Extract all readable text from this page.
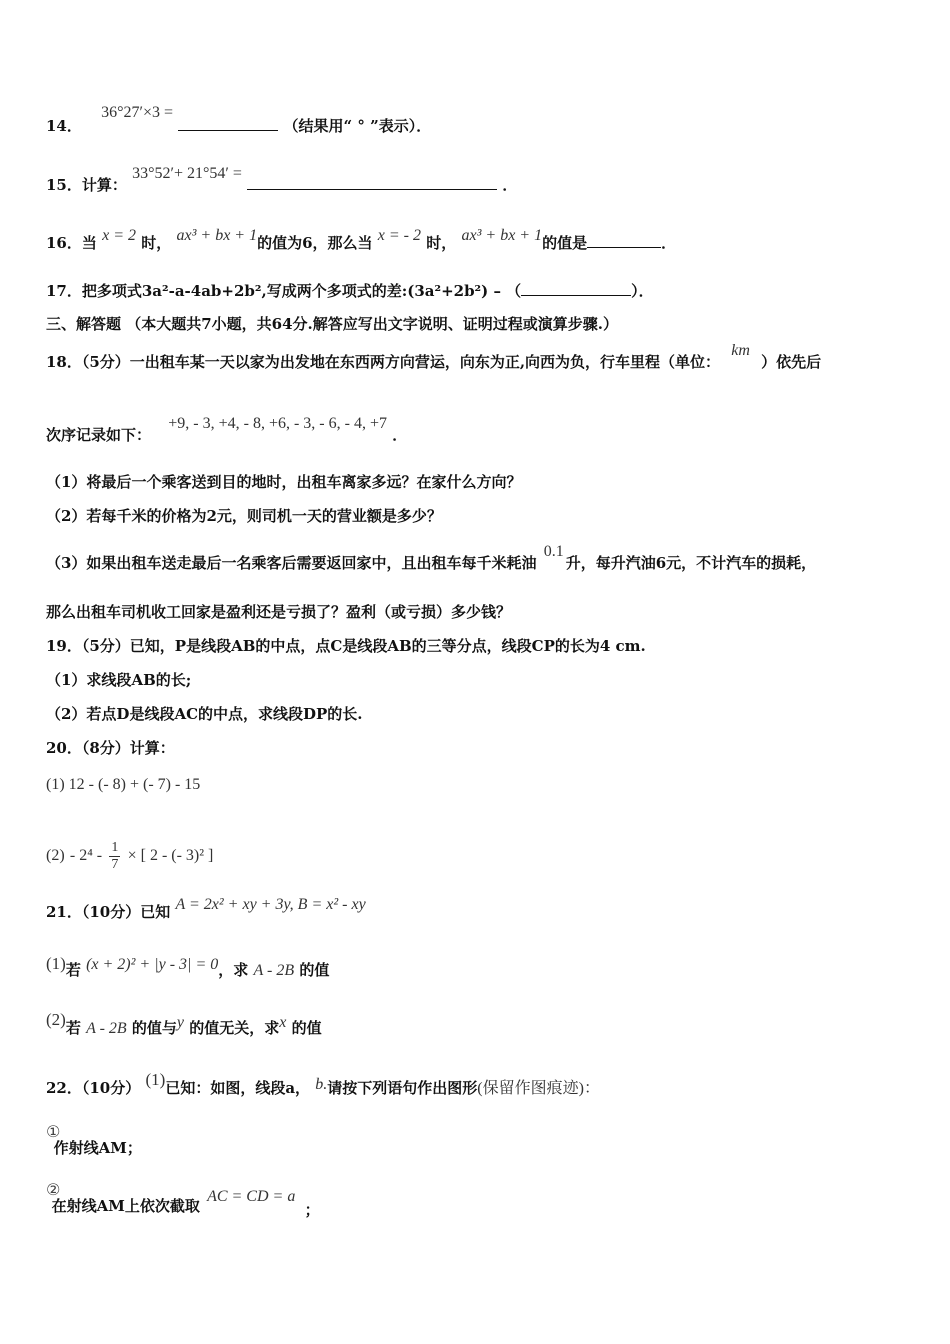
14． 36°27′×3 =  （结果用“ ° ”表示）．
15．计算： 33°52′+ 21°54′ =  ．
16．当 x = 2 时， ax³ + bx + 1的值为6，那么当 x = - 2 时， ax³ + bx + 1的值是	．
17．把多项式3a²-a-4ab+2b²,写成两个多项式的差:(3a²+2b²) – （	）．
三、解答题 （本大题共7小题，共64分.解答应写出文字说明、证明过程或演算步骤.）
18．（5分）一出租车某一天以家为出发地在东西两方向营运，向东为正,向西为负，行车里程（单位： km ）依先后
次序记录如下： +9, - 3, +4, - 8, +6, - 3, - 6, - 4, +7 ．
（1）将最后一个乘客送到目的地时，出租车离家多远？在家什么方向？
（2）若每千米的价格为2元，则司机一天的营业额是多少？
（3）如果出租车送走最后一名乘客后需要返回家中，且出租车每千米耗油 0.1升，每升汽油6元，不计汽车的损耗，
那么出租车司机收工回家是盈利还是亏损了？盈利（或亏损）多少钱？
19．（5分）已知，P是线段AB的中点，点C是线段AB的三等分点，线段CP的长为4 cm.
（1）求线段AB的长;
（2）若点D是线段AC的中点，求线段DP的长.
20．（8分）计算：
(1) 12 - (- 8) + (- 7) - 15
$(2) - 2^4 - \frac{1}{7}$ × [ 2 - (- 3)² ]
21．（10分）已知 A = 2x² + xy + 3y, B = x² - xy
(1)若 (x + 2)² + |y - 3| = 0，求 A - 2B 的值
(2)若 A - 2B 的值与y 的值无关，求x 的值
22．（10分） (1)已知：如图，线段a， b.请按下列语句作出图形(保留作图痕迹)：
① 作射线AM；
② 在射线AM上依次截取 AC = CD = a ；
